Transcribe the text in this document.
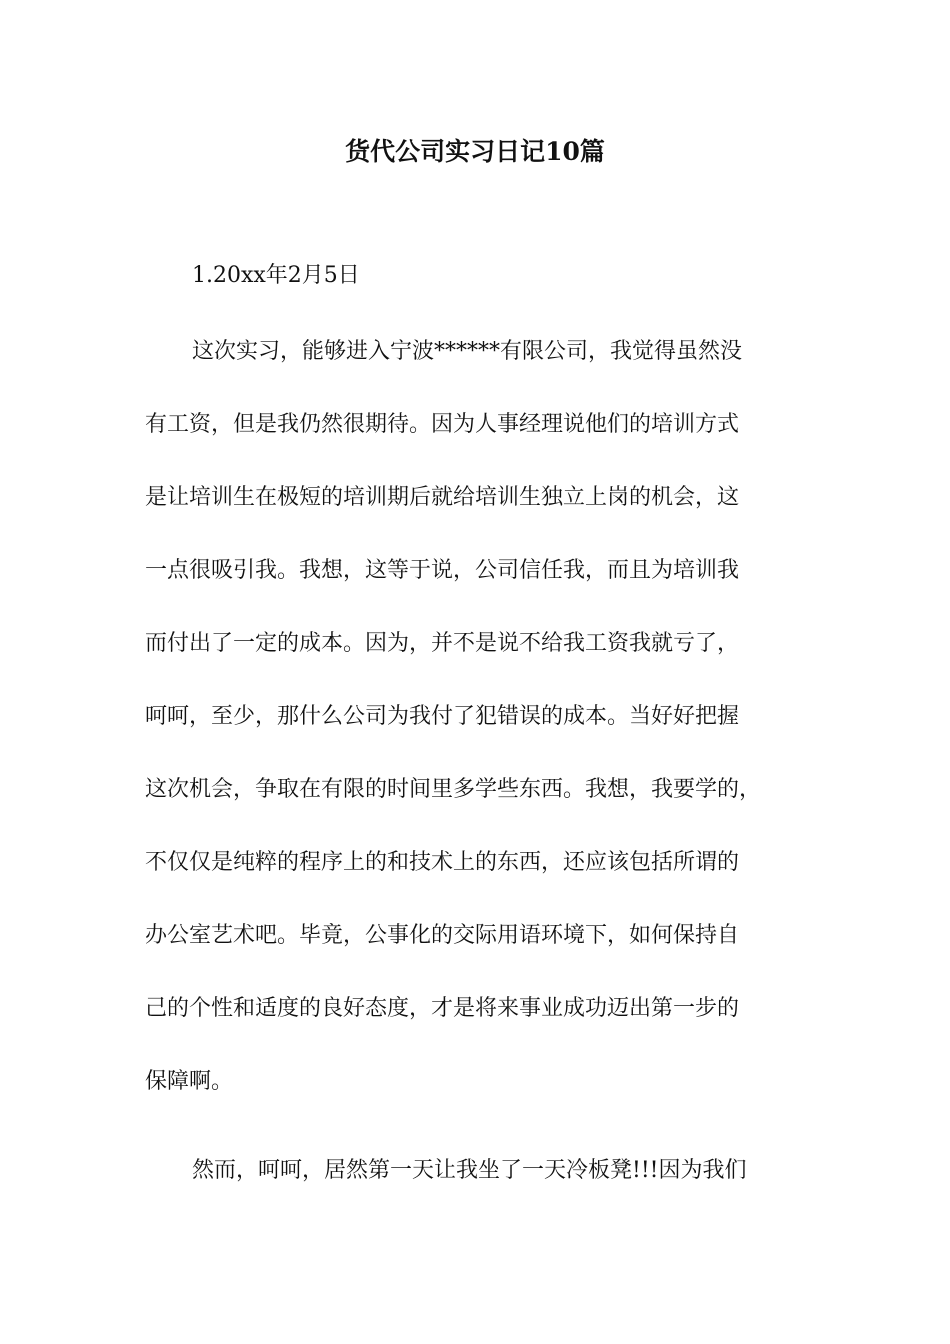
货代公司实习日记10篇
1.20xx年2月5日
这次实习，能够进入宁波******有限公司，我觉得虽然没
有工资，但是我仍然很期待。因为人事经理说他们的培训方式
是让培训生在极短的培训期后就给培训生独立上岗的机会，这
一点很吸引我。我想，这等于说，公司信任我，而且为培训我
而付出了一定的成本。因为，并不是说不给我工资我就亏了，
呵呵，至少，那什么公司为我付了犯错误的成本。当好好把握
这次机会，争取在有限的时间里多学些东西。我想，我要学的，
不仅仅是纯粹的程序上的和技术上的东西，还应该包括所谓的
办公室艺术吧。毕竟，公事化的交际用语环境下，如何保持自
己的个性和适度的良好态度，才是将来事业成功迈出第一步的
保障啊。
然而，呵呵，居然第一天让我坐了一天冷板凳!!!因为我们
